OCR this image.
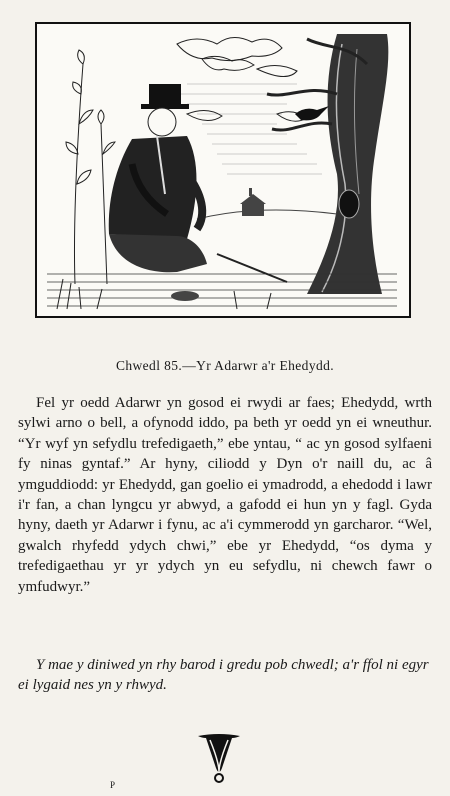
Chwedl 85.—Yr Adarwr a'r Ehedydd.
Fel yr oedd Adarwr yn gosod ei rwydi ar faes; Ehedydd, wrth sylwi arno o bell, a ofynodd iddo, pa beth yr oedd yn ei wneuthur. “Yr wyf yn sefydlu trefedigaeth,” ebe yntau, “ ac yn gosod sylfaeni fy ninas gyntaf.” Ar hyny, ciliodd y Dyn o'r naill du, ac â ymguddiodd: yr Ehedydd, gan goelio ei ymadrodd, a ehedodd i lawr i'r fan, a chan lyngcu yr abwyd, a gafodd ei hun yn y fagl. Gyda hyny, daeth yr Adarwr i fynu, ac a'i cymmerodd yn garcharor. “Wel, gwalch rhyfedd ydych chwi,” ebe yr Ehedydd, “os dyma y trefedigaethau yr yr ydych yn eu sefydlu, ni chewch fawr o ymfudwyr.”
Y mae y diniwed yn rhy barod i gredu pob chwedl; a'r ffol ni egyr ei lygaid nes yn y rhwyd.
P
